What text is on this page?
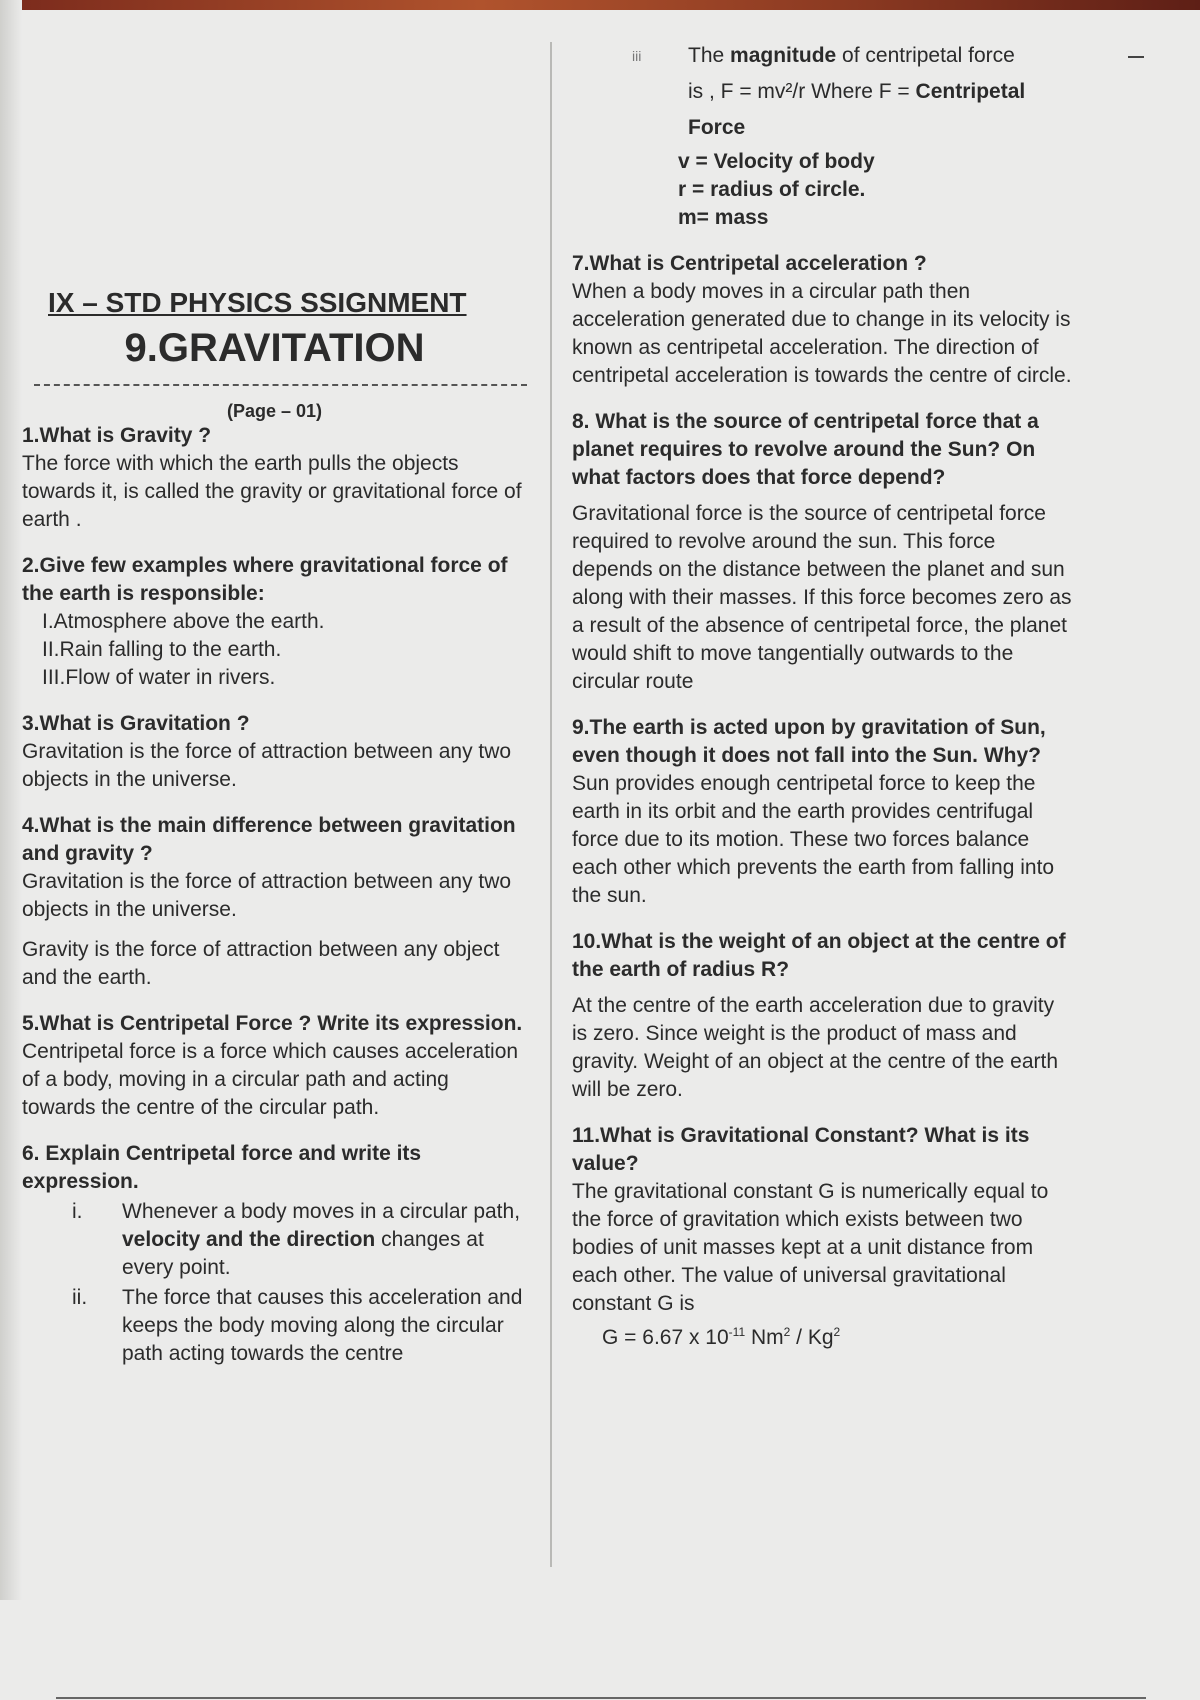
IX – STD PHYSICS SSIGNMENT
9.GRAVITATION
(Page – 01)

1.What is Gravity ?

The force with which the earth pulls the objects towards it, is called the gravity or gravitational force of earth .

2.Give few examples where gravitational force of the earth is responsible:

I.Atmosphere above the earth.
II.Rain falling to the earth.
III.Flow of water in rivers.

3.What is Gravitation ?

Gravitation is the force of attraction between any two objects in the universe.

4.What is the main difference between gravitation and gravity ?

Gravitation is the force of attraction between any two objects in the universe.

Gravity is the force of attraction between any object and the earth.

5.What is Centripetal Force ? Write its expression.

Centripetal force is a force which causes acceleration of a body, moving in a circular path and acting towards the centre of the circular path.

6. Explain Centripetal force and write its expression.

i. Whenever a body moves in a circular path, velocity and the direction changes at every point.
ii. The force that causes this acceleration and keeps the body moving along the circular path acting towards the centre
iii	The magnitude of centripetal force

is , F = mv²/r Where F = Centripetal

Force

v = Velocity of body
r = radius of circle.
m= mass

7.What is Centripetal acceleration ?

When a body moves in a circular path then acceleration generated due to change in its velocity is known as centripetal acceleration. The direction of centripetal acceleration is towards the centre of circle.

8. What is the source of centripetal force that a planet requires to revolve around the Sun? On what factors does that force depend?

Gravitational force is the source of centripetal force required to revolve around the sun. This force depends on the distance between the planet and sun along with their masses. If this force becomes zero as a result of the absence of centripetal force, the planet would shift to move tangentially outwards to the circular route

9.The earth is acted upon by gravitation of Sun, even though it does not fall into the Sun. Why?

Sun provides enough centripetal force to keep the earth in its orbit and the earth provides centrifugal force due to its motion. These two forces balance each other which prevents the earth from falling into the sun.

10.What is the weight of an object at the centre of the earth of radius R?

At the centre of the earth acceleration due to gravity is zero. Since weight is the product of mass and gravity. Weight of an object at the centre of the earth will be zero.

11.What is Gravitational Constant? What is its value?

The gravitational constant G is numerically equal to the force of gravitation which exists between two bodies of unit masses kept at a unit distance from each other. The value of universal gravitational constant G is

G = 6.67 x $10^{-11}$ Nm$^2$ / Kg$^2$
